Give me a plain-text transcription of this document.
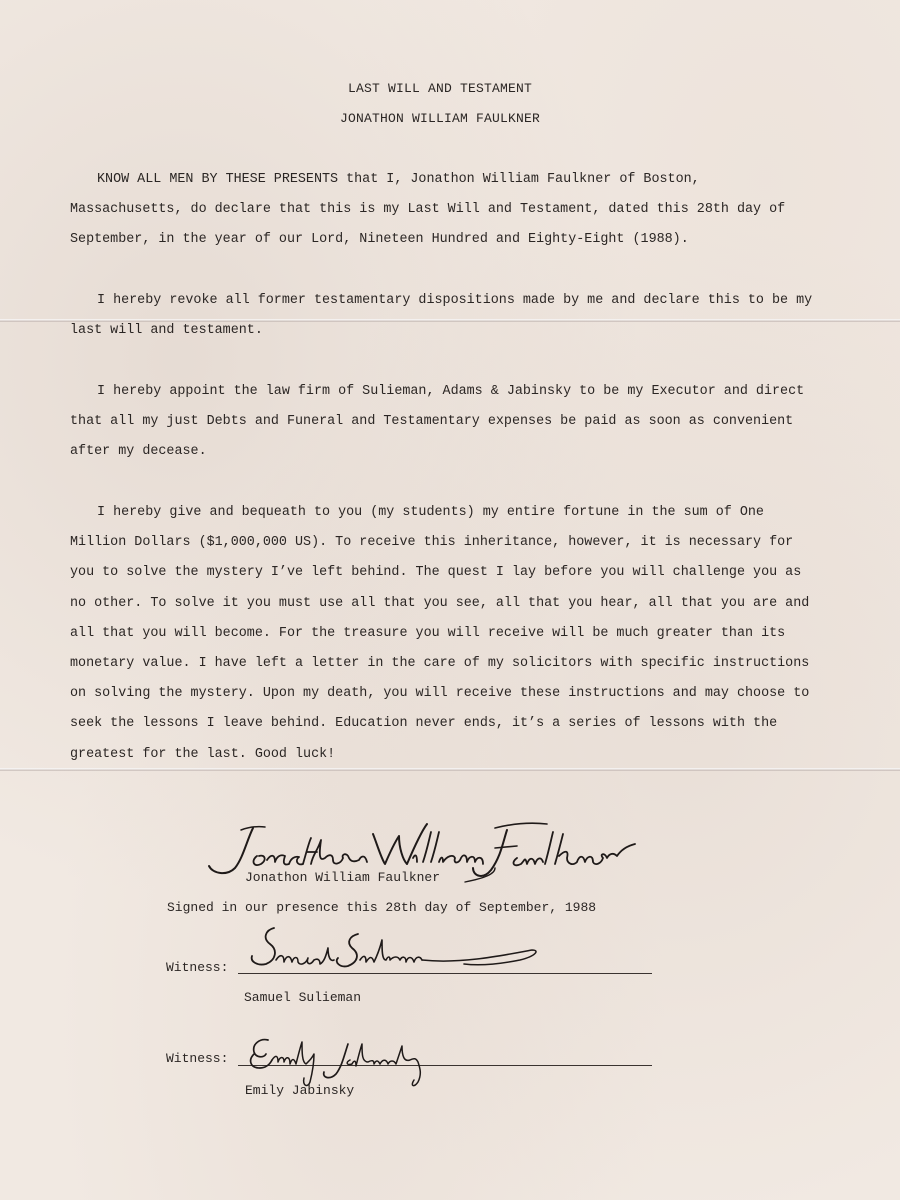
LAST WILL AND TESTAMENT
JONATHON WILLIAM FAULKNER

KNOW ALL MEN BY THESE PRESENTS that I, Jonathon William Faulkner of Boston, Massachusetts, do declare that this is my Last Will and Testament, dated this 28th day of September, in the year of our Lord, Nineteen Hundred and Eighty-Eight (1988).

I hereby revoke all former testamentary dispositions made by me and declare this to be my last will and testament.

I hereby appoint the law firm of Sulieman, Adams & Jabinsky to be my Executor and direct that all my just Debts and Funeral and Testamentary expenses be paid as soon as convenient after my decease.

I hereby give and bequeath to you (my students) my entire fortune in the sum of One Million Dollars ($1,000,000 US). To receive this inheritance, however, it is necessary for you to solve the mystery I’ve left behind. The quest I lay before you will challenge you as no other. To solve it you must use all that you see, all that you hear, all that you are and all that you will become. For the treasure you will receive will be much greater than its monetary value. I have left a letter in the care of my solicitors with specific instructions on solving the mystery. Upon my death, you will receive these instructions and may choose to seek the lessons I leave behind. Education never ends, it’s a series of lessons with the greatest for the last. Good luck!

Jonathon William Faulkner
Signed in our presence this 28th day of September, 1988
Witness:
Samuel Sulieman
Witness:
Emily Jabinsky
